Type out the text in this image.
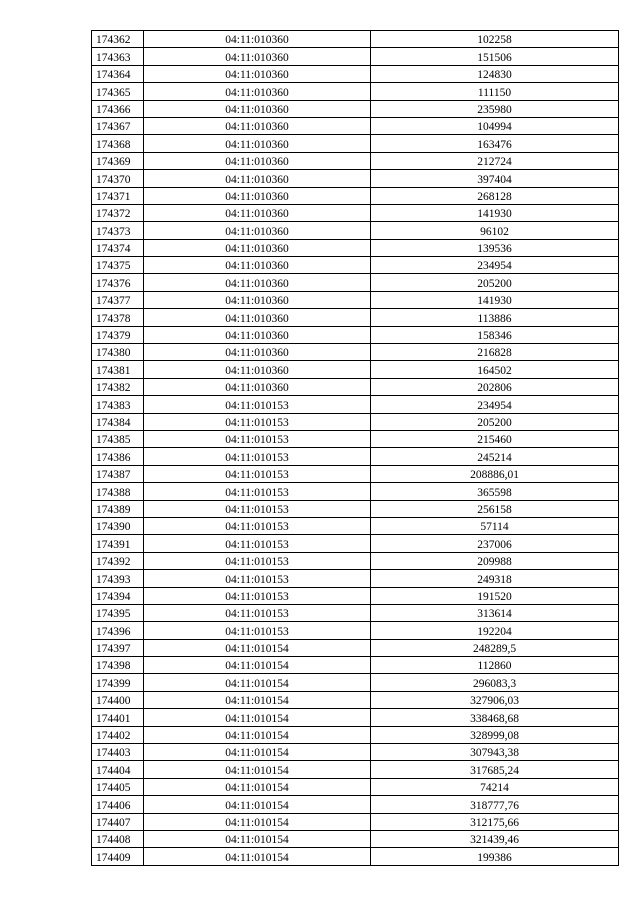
174362	04:11:010360	102258
174363	04:11:010360	151506
174364	04:11:010360	124830
174365	04:11:010360	111150
174366	04:11:010360	235980
174367	04:11:010360	104994
174368	04:11:010360	163476
174369	04:11:010360	212724
174370	04:11:010360	397404
174371	04:11:010360	268128
174372	04:11:010360	141930
174373	04:11:010360	96102
174374	04:11:010360	139536
174375	04:11:010360	234954
174376	04:11:010360	205200
174377	04:11:010360	141930
174378	04:11:010360	113886
174379	04:11:010360	158346
174380	04:11:010360	216828
174381	04:11:010360	164502
174382	04:11:010360	202806
174383	04:11:010153	234954
174384	04:11:010153	205200
174385	04:11:010153	215460
174386	04:11:010153	245214
174387	04:11:010153	208886,01
174388	04:11:010153	365598
174389	04:11:010153	256158
174390	04:11:010153	57114
174391	04:11:010153	237006
174392	04:11:010153	209988
174393	04:11:010153	249318
174394	04:11:010153	191520
174395	04:11:010153	313614
174396	04:11:010153	192204
174397	04:11:010154	248289,5
174398	04:11:010154	112860
174399	04:11:010154	296083,3
174400	04:11:010154	327906,03
174401	04:11:010154	338468,68
174402	04:11:010154	328999,08
174403	04:11:010154	307943,38
174404	04:11:010154	317685,24
174405	04:11:010154	74214
174406	04:11:010154	318777,76
174407	04:11:010154	312175,66
174408	04:11:010154	321439,46
174409	04:11:010154	199386
